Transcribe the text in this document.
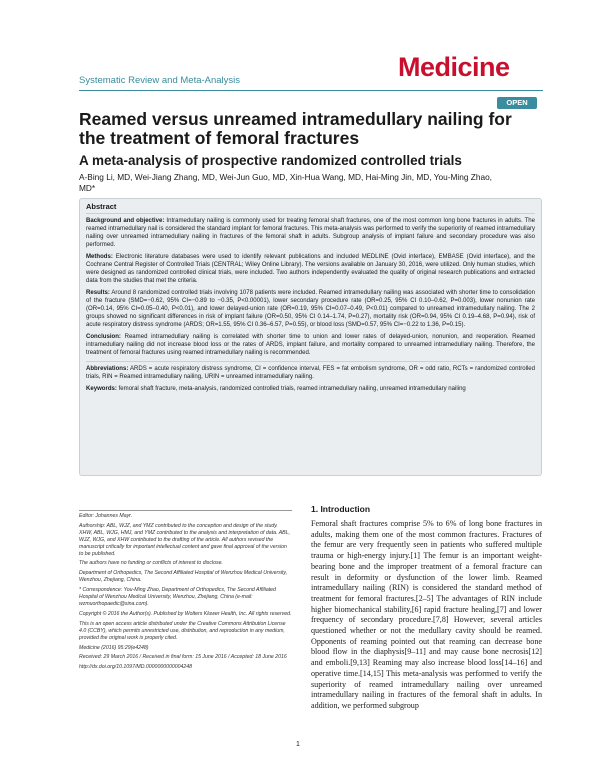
Systematic Review and Meta-Analysis	Medicine
OPEN
Reamed versus unreamed intramedullary nailing for the treatment of femoral fractures
A meta-analysis of prospective randomized controlled trials
A-Bing Li, MD, Wei-Jiang Zhang, MD, Wei-Jun Guo, MD, Xin-Hua Wang, MD, Hai-Ming Jin, MD, You-Ming Zhao, MD*
Abstract

Background and objective: Intramedullary nailing is commonly used for treating femoral shaft fractures, one of the most common long bone fractures in adults. The reamed intramedullary nail is considered the standard implant for femoral fractures. This meta-analysis was performed to verify the superiority of reamed intramedullary nailing over unreamed intramedullary nailing in fractures of the femoral shaft in adults. Subgroup analysis of implant failure and secondary procedure was also performed.

Methods: Electronic literature databases were used to identify relevant publications and included MEDLINE (Ovid interface), EMBASE (Ovid interface), and the Cochrane Central Register of Controlled Trials (CENTRAL; Wiley Online Library). The versions available on January 30, 2016, were utilized. Only human studies, which were designed as randomized controlled clinical trials, were included. Two authors independently evaluated the quality of original research publications and extracted data from the studies that met the criteria.

Results: Around 8 randomized controlled trials involving 1078 patients were included. Reamed intramedullary nailing was associated with shorter time to consolidation of the fracture (SMD=−0.62, 95% CI=−0.89 to −0.35, P<0.00001), lower secondary procedure rate (OR=0.25, 95% CI 0.10–0.62, P=0.003), lower nonunion rate (OR=0.14, 95% CI=0.05–0.40, P<0.01), and lower delayed-union rate (OR=0.19, 95% CI=0.07–0.49, P<0.01) compared to unreamed intramedullary nailing. The 2 groups showed no significant differences in risk of implant failure (OR=0.50, 95% CI 0.14–1.74, P=0.27), mortality risk (OR=0.94, 95% CI 0.19–4.68, P=0.94), risk of acute respiratory distress syndrome (ARDS; OR=1.55, 95% CI 0.36–6.57, P=0.55), or blood loss (SMD=0.57, 95% CI=−0.22 to 1.36, P=0.15).

Conclusion: Reamed intramedullary nailing is correlated with shorter time to union and lower rates of delayed-union, nonunion, and reoperation. Reamed intramedullary nailing did not increase blood loss or the rates of ARDS, implant failure, and mortality compared to unreamed intramedullary nailing. Therefore, the treatment of femoral fractures using reamed intramedullary nailing is recommended.

Abbreviations: ARDS = acute respiratory distress syndrome, CI = confidence interval, FES = fat embolism syndrome, OR = odd ratio, RCTs = randomized controlled trials, RIN = Reamed intramedullary nailing, URIN = unreamed intramedullary nailing.

Keywords: femoral shaft fracture, meta-analysis, randomized controlled trials, reamed intramedullary nailing, unreamed intramedullary nailing

Editor: Johannes Mayr.

Authorship: ABL, WJZ, and YMZ contributed to the conception and design of the study. XHW, ABL, WJG, HMJ, and YMZ contributed to the analysis and interpretation of data. ABL, WJZ, WJG, and XHW contributed to the drafting of the article. All authors revised the manuscript critically for important intellectual content and gave final approval of the version to be published.

The authors have no funding or conflicts of interest to disclose.

Department of Orthopedics, The Second Affiliated Hospital of Wenzhou Medical University, Wenzhou, Zhejiang, China.

* Correspondence: You-Ming Zhao, Department of Orthopedics, The Second Affiliated Hospital of Wenzhou Medical University, Wenzhou, Zhejiang, China (e-mail: wzmuorthopaedic@sina.com).

Copyright © 2016 the Author(s). Published by Wolters Kluwer Health, Inc. All rights reserved.

This is an open access article distributed under the Creative Commons Attribution License 4.0 (CCBY), which permits unrestricted use, distribution, and reproduction in any medium, provided the original work is properly cited.

Medicine (2016) 95:29(e4248)

Received: 29 March 2016 / Received in final form: 15 June 2016 / Accepted: 18 June 2016

http://dx.doi.org/10.1097/MD.0000000000004248

1. Introduction
Femoral shaft fractures comprise 5% to 6% of long bone fractures in adults, making them one of the most common fractures. Fractures of the femur are very frequently seen in patients who suffered multiple trauma or high-energy injury.[1] The femur is an important weight-bearing bone and the improper treatment of a femoral fracture can result in deformity or dysfunction of the lower limb. Reamed intramedullary nailing (RIN) is considered the standard method of treatment for femoral fractures.[2–5] The advantages of RIN include higher biomechanical stability,[6] rapid fracture healing,[7] and lower frequency of secondary procedure.[7,8] However, several articles questioned whether or not the medullary cavity should be reamed. Opponents of reaming pointed out that reaming can decrease bone blood flow in the diaphysis[9–11] and may cause bone necrosis[12] and emboli.[9,13] Reaming may also increase blood loss[14–16] and operative time.[14,15] This meta-analysis was performed to verify the superiority of reamed intramedullary nailing over unreamed intramedullary nailing in fractures of the femoral shaft in adults. In addition, we performed subgroup
1
